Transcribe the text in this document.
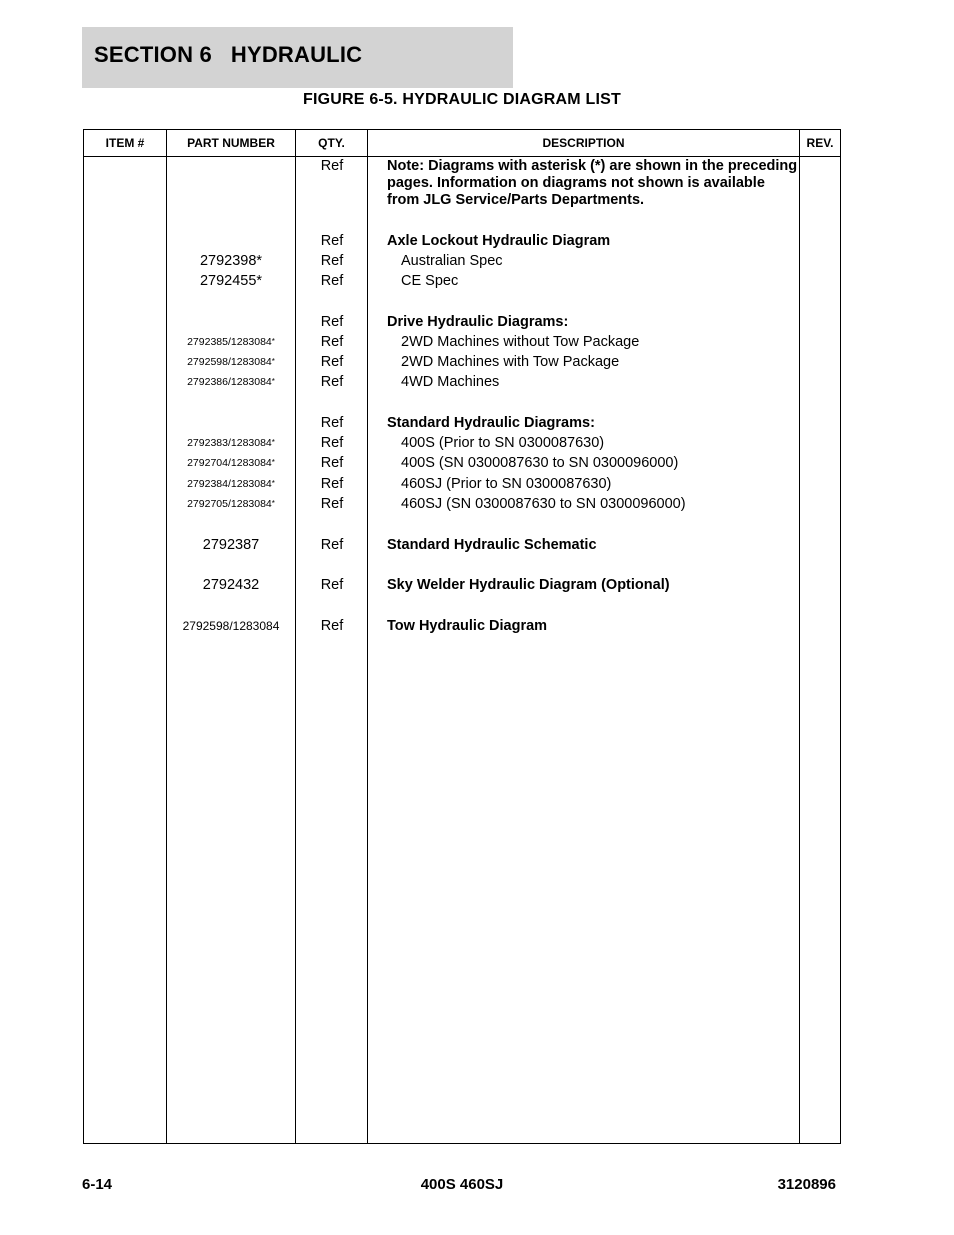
SECTION 6   HYDRAULIC
FIGURE 6-5. HYDRAULIC DIAGRAM LIST
ITEM #	PART NUMBER	QTY.	DESCRIPTION	REV.
Ref	Note: Diagrams with asterisk (*) are shown in the preceding pages. Information on diagrams not shown is available from JLG Service/Parts Departments.
Ref	Axle Lockout Hydraulic Diagram
2792398*	Ref	Australian Spec
2792455*	Ref	CE Spec
Ref	Drive Hydraulic Diagrams:
2792385/1283084*	Ref	2WD Machines without Tow Package
2792598/1283084*	Ref	2WD Machines with Tow Package
2792386/1283084*	Ref	4WD Machines
Ref	Standard Hydraulic Diagrams:
2792383/1283084*	Ref	400S (Prior to SN 0300087630)
2792704/1283084*	Ref	400S (SN 0300087630 to SN 0300096000)
2792384/1283084*	Ref	460SJ (Prior to SN 0300087630)
2792705/1283084*	Ref	460SJ (SN 0300087630 to SN 0300096000)
2792387	Ref	Standard Hydraulic Schematic
2792432	Ref	Sky Welder Hydraulic Diagram (Optional)
2792598/1283084	Ref	Tow Hydraulic Diagram
6-14	400S 460SJ	3120896
